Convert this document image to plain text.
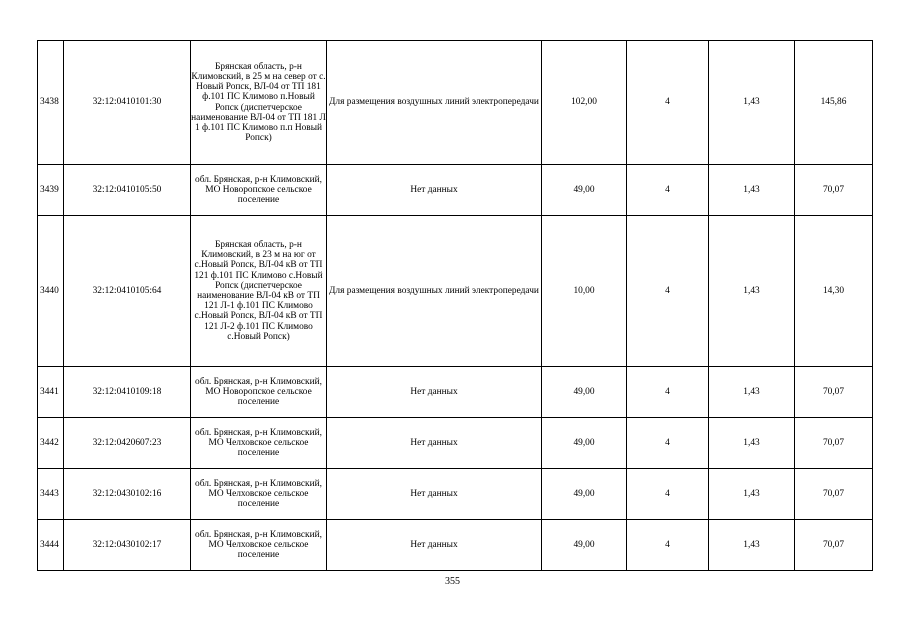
3438	32:12:0410101:30	Брянская область, р-н Климовский, в 25 м на север от с. Новый Ропск, ВЛ-04 от ТП 181 ф.101 ПС Климово п.Новый Ропск (диспетчерское наименование ВЛ-04 от ТП 181 Л 1 ф.101 ПС Климово п.п Новый Ропск)	Для размещения воздушных линий электропередачи	102,00	4	1,43	145,86
3439	32:12:0410105:50	обл. Брянская, р-н Климовский, МО Новоропское сельское поселение	Нет данных	49,00	4	1,43	70,07
3440	32:12:0410105:64	Брянская область, р-н Климовский, в 23 м на юг от с.Новый Ропск, ВЛ-04 кВ от ТП 121 ф.101 ПС Климово с.Новый Ропск (диспетчерское наименование ВЛ-04 кВ от ТП 121 Л-1 ф.101 ПС Климово с.Новый Ропск, ВЛ-04 кВ от ТП 121 Л-2 ф.101 ПС Климово с.Новый Ропск)	Для размещения воздушных линий электропередачи	10,00	4	1,43	14,30
3441	32:12:0410109:18	обл. Брянская, р-н Климовский, МО Новоропское сельское поселение	Нет данных	49,00	4	1,43	70,07
3442	32:12:0420607:23	обл. Брянская, р-н Климовский, МО Челховское сельское поселение	Нет данных	49,00	4	1,43	70,07
3443	32:12:0430102:16	обл. Брянская, р-н Климовский, МО Челховское сельское поселение	Нет данных	49,00	4	1,43	70,07
3444	32:12:0430102:17	обл. Брянская, р-н Климовский, МО Челховское сельское поселение	Нет данных	49,00	4	1,43	70,07
355
